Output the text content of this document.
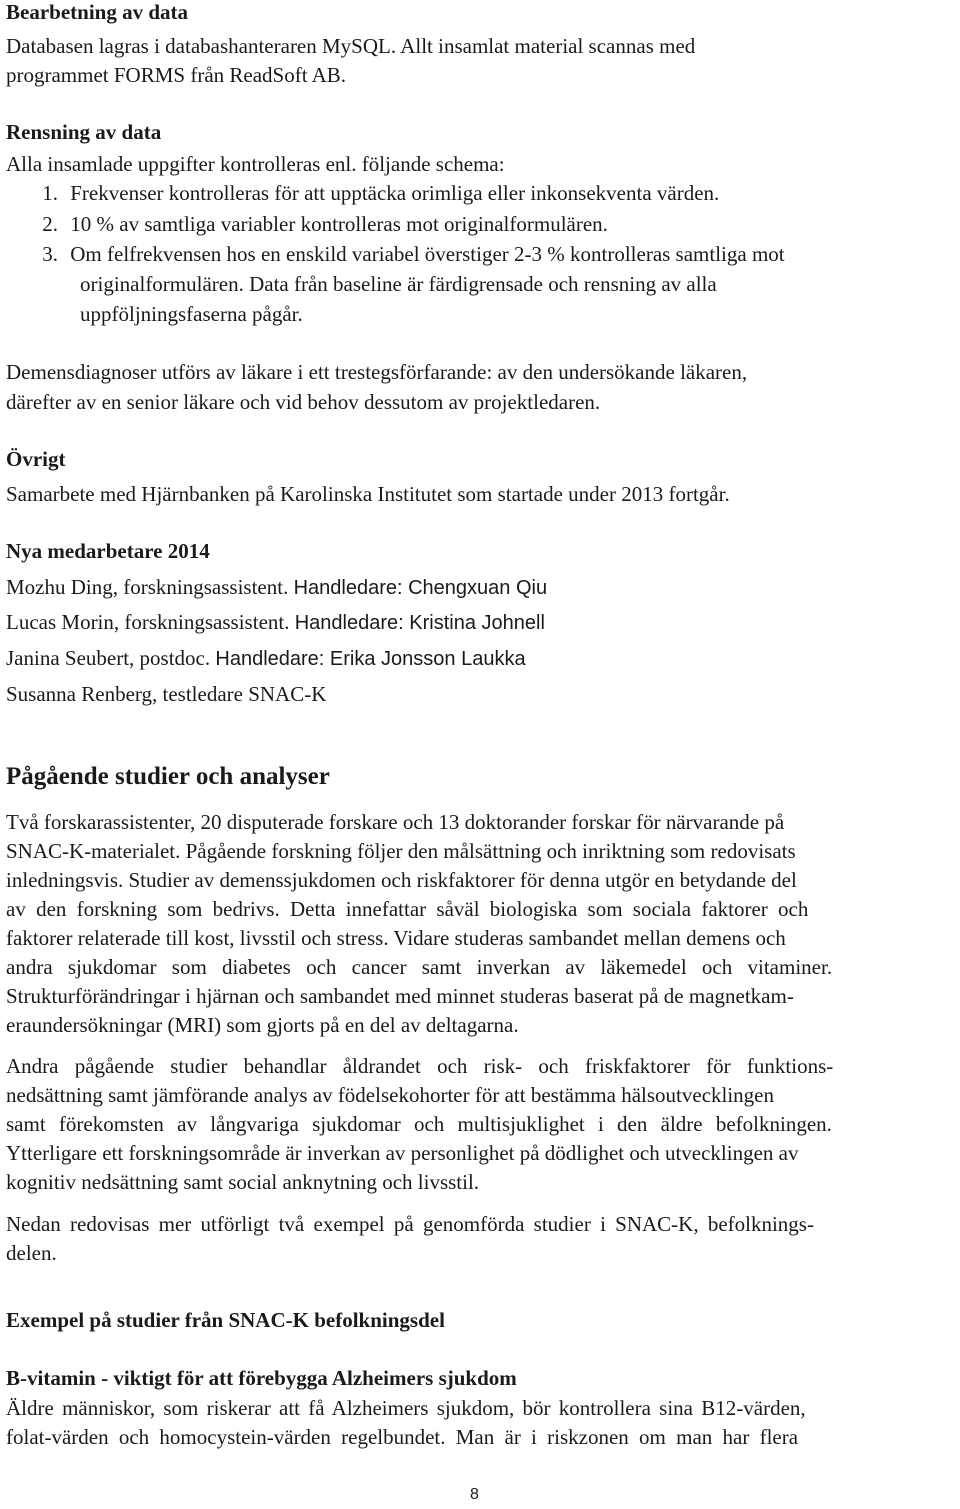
Bearbetning av data
Databasen lagras i databashanteraren MySQL. Allt insamlat material scannas med
programmet FORMS från ReadSoft AB.
Rensning av data
Alla insamlade uppgifter kontrolleras enl. följande schema:
1. Frekvenser kontrolleras för att upptäcka orimliga eller inkonsekventa värden.
2. 10 % av samtliga variabler kontrolleras mot originalformulären.
3. Om felfrekvensen hos en enskild variabel överstiger 2-3 % kontrolleras samtliga mot
originalformulären. Data från baseline är färdigrensade och rensning av alla
uppföljningsfaserna pågår.
Demensdiagnoser utförs av läkare i ett trestegsförfarande: av den undersökande läkaren,
därefter av en senior läkare och vid behov dessutom av projektledaren.
Övrigt
Samarbete med Hjärnbanken på Karolinska Institutet som startade under 2013 fortgår.
Nya medarbetare 2014
Mozhu Ding, forskningsassistent. Handledare: Chengxuan Qiu
Lucas Morin, forskningsassistent. Handledare: Kristina Johnell
Janina Seubert, postdoc. Handledare: Erika Jonsson Laukka
Susanna Renberg, testledare SNAC-K
Pågående studier och analyser
Två forskarassistenter, 20 disputerade forskare och 13 doktorander forskar för närvarande på
SNAC-K-materialet. Pågående forskning följer den målsättning och inriktning som redovisats
inledningsvis. Studier av demenssjukdomen och riskfaktorer för denna utgör en betydande del
av den forskning som bedrivs. Detta innefattar såväl biologiska som sociala faktorer och
faktorer relaterade till kost, livsstil och stress. Vidare studeras sambandet mellan demens och
andra sjukdomar som diabetes och cancer samt inverkan av läkemedel och vitaminer.
Strukturförändringar i hjärnan och sambandet med minnet studeras baserat på de magnetkam-
eraundersökningar (MRI) som gjorts på en del av deltagarna.
Andra pågående studier behandlar åldrandet och risk- och friskfaktorer för funktions-
nedsättning samt jämförande analys av födelsekohorter för att bestämma hälsoutvecklingen
samt förekomsten av långvariga sjukdomar och multisjuklighet i den äldre befolkningen.
Ytterligare ett forskningsområde är inverkan av personlighet på dödlighet och utvecklingen av
kognitiv nedsättning samt social anknytning och livsstil.
Nedan redovisas mer utförligt två exempel på genomförda studier i SNAC-K, befolknings-
delen.
Exempel på studier från SNAC-K befolkningsdel
B-vitamin - viktigt för att förebygga Alzheimers sjukdom
Äldre människor, som riskerar att få Alzheimers sjukdom, bör kontrollera sina B12-värden,
folat-värden och homocystein-värden regelbundet. Man är i riskzonen om man har flera
8
